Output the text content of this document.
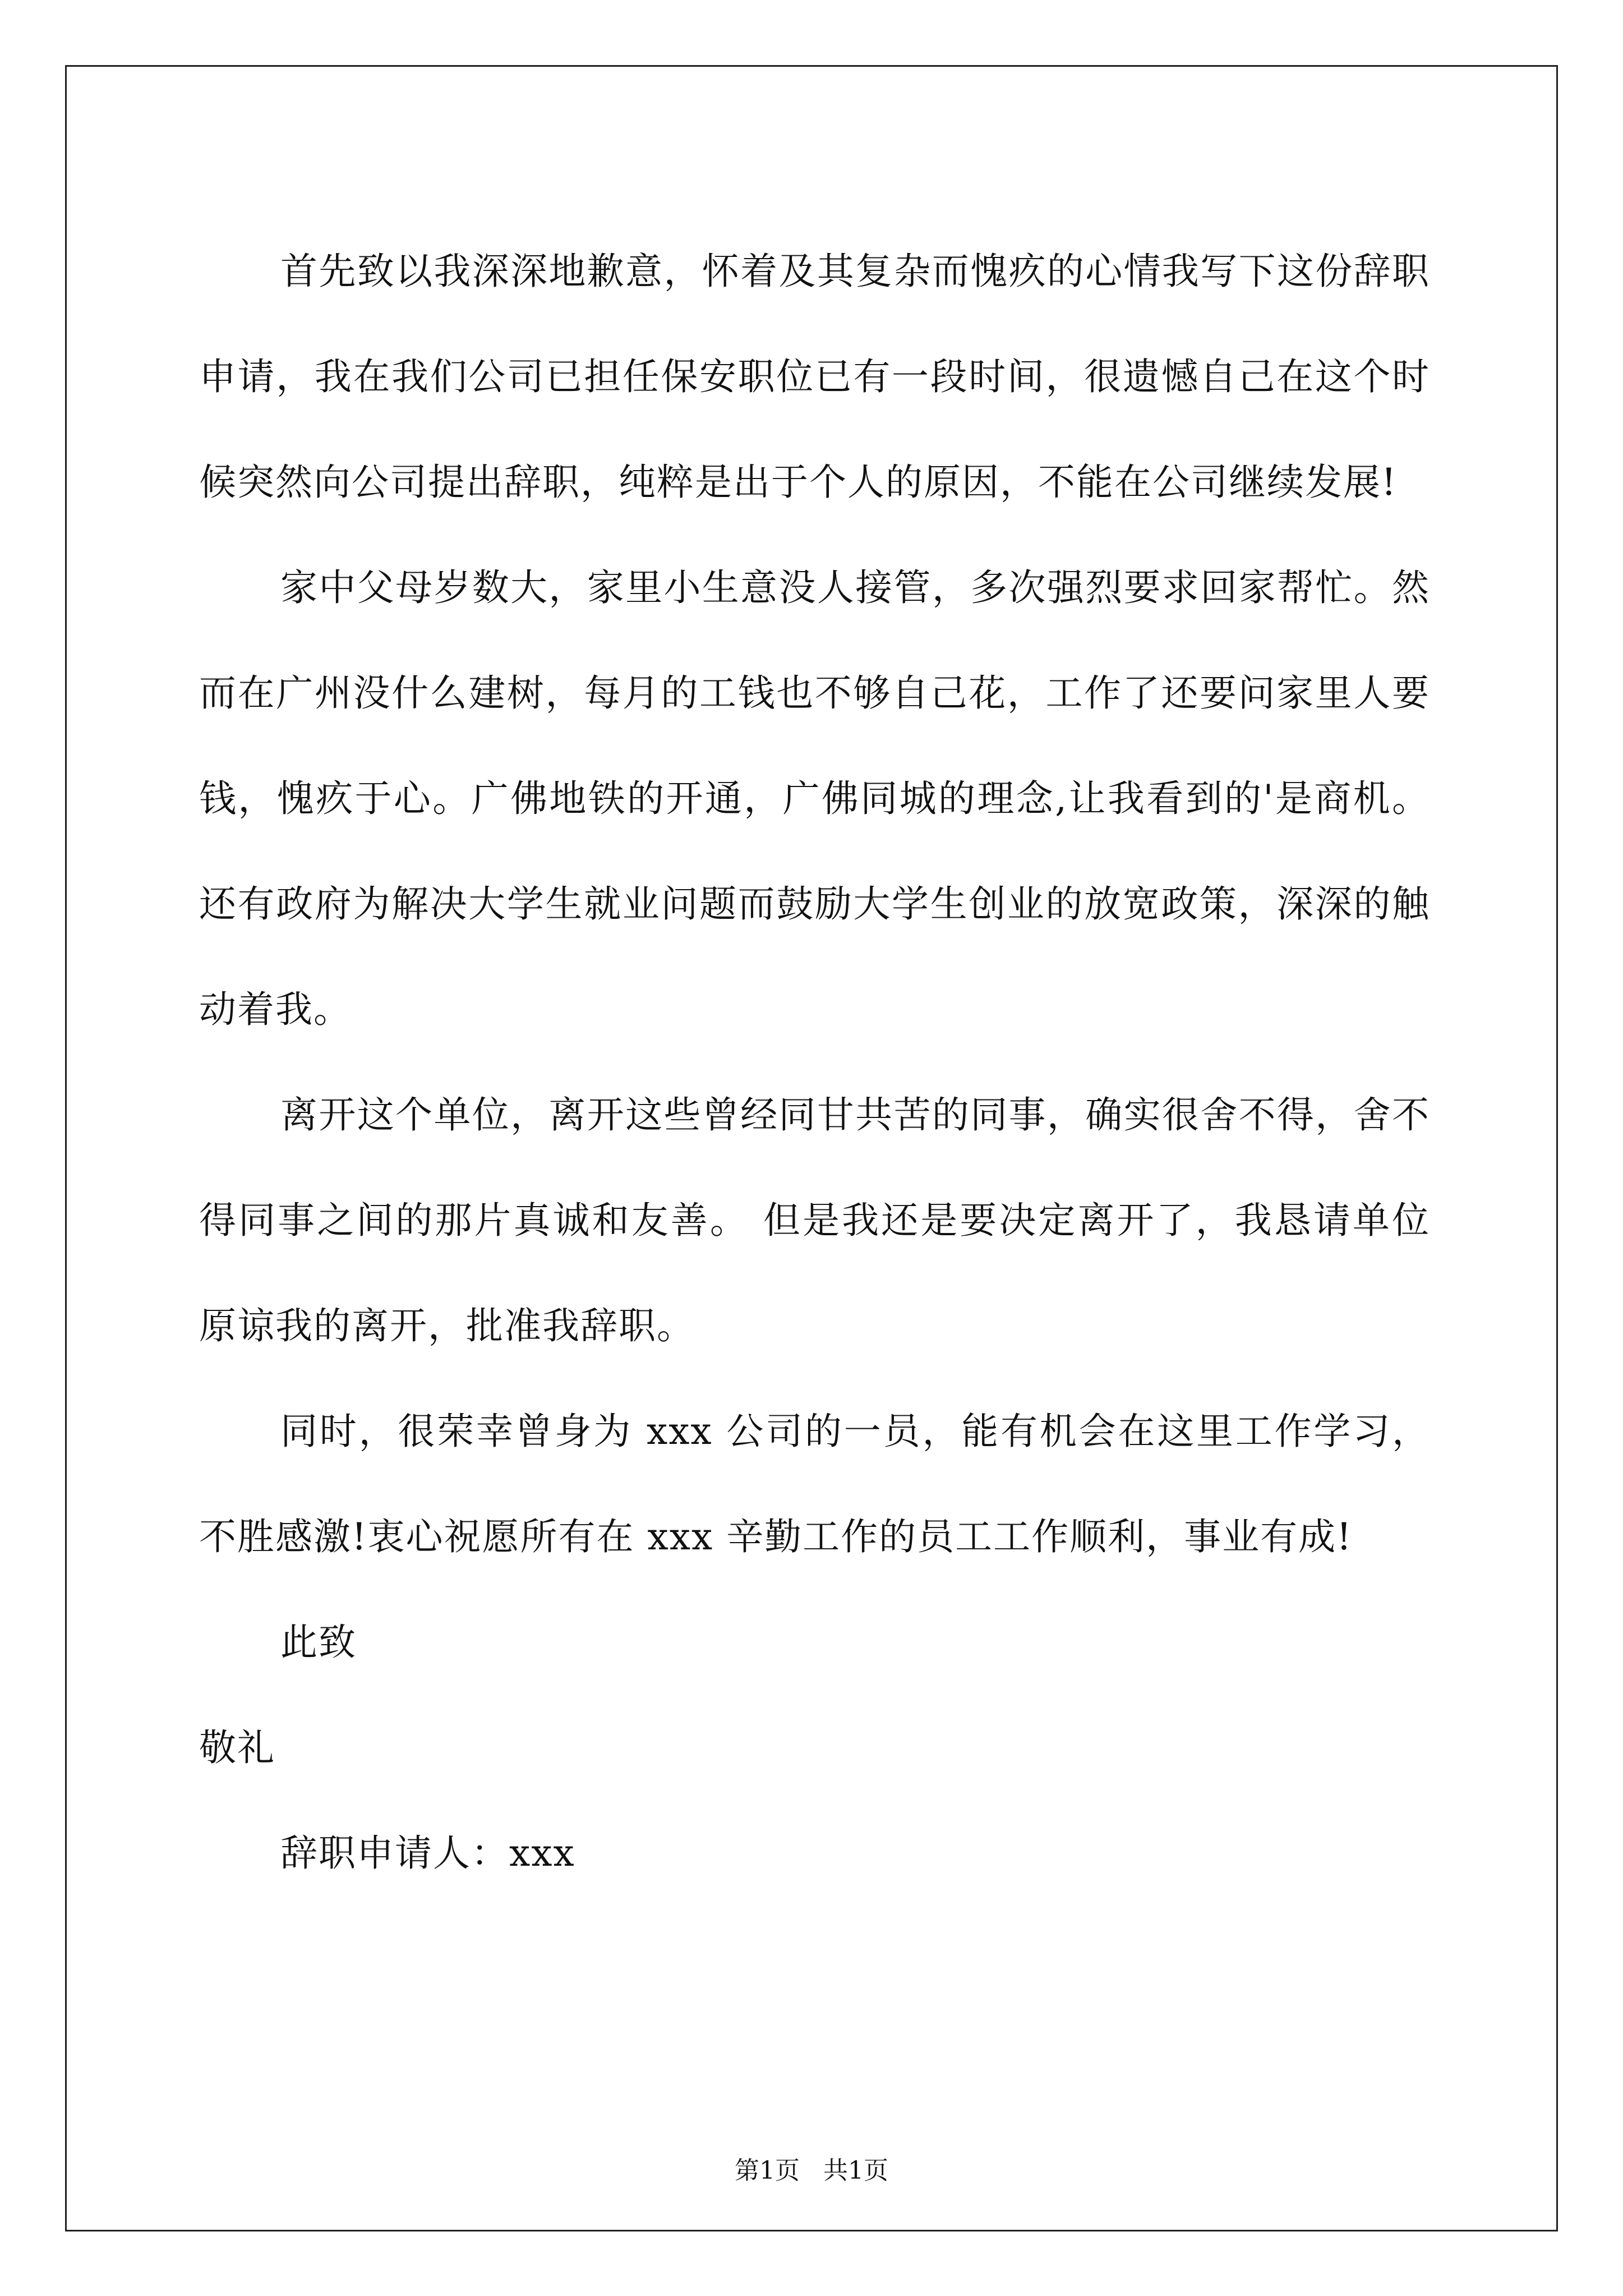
首先致以我深深地歉意，怀着及其复杂而愧疚的心情我写下这份辞职申请，我在我们公司已担任保安职位已有一段时间，很遗憾自己在这个时候突然向公司提出辞职，纯粹是出于个人的原因，不能在公司继续发展!

家中父母岁数大，家里小生意没人接管，多次强烈要求回家帮忙。然而在广州没什么建树，每月的工钱也不够自己花，工作了还要问家里人要钱，愧疚于心。广佛地铁的开通，广佛同城的理念,让我看到的'是商机。还有政府为解决大学生就业问题而鼓励大学生创业的放宽政策，深深的触动着我。

离开这个单位，离开这些曾经同甘共苦的同事，确实很舍不得，舍不得同事之间的那片真诚和友善。 但是我还是要决定离开了，我恳请单位原谅我的离开，批准我辞职。

同时，很荣幸曾身为 xxx 公司的一员，能有机会在这里工作学习，不胜感激!衷心祝愿所有在 xxx 辛勤工作的员工工作顺利，事业有成!

此致

敬礼

辞职申请人：xxx

第1页   共1页
